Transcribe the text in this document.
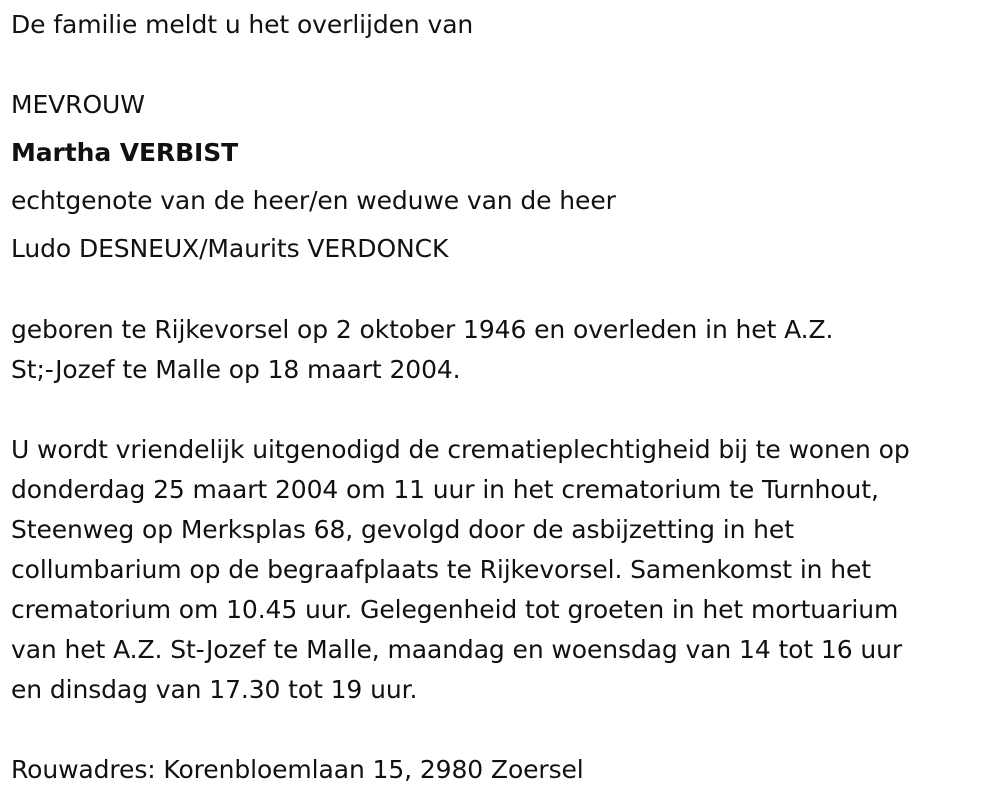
De familie meldt u het overlijden van
MEVROUW
Martha VERBIST
echtgenote van de heer/en weduwe van de heer
Ludo DESNEUX/Maurits VERDONCK
geboren te Rijkevorsel op 2 oktober 1946 en overleden in het A.Z.
St;-Jozef te Malle op 18 maart 2004.
U wordt vriendelijk uitgenodigd de crematieplechtigheid bij te wonen op
donderdag 25 maart 2004 om 11 uur in het crematorium te Turnhout,
Steenweg op Merksplas 68, gevolgd door de asbijzetting in het
collumbarium op de begraafplaats te Rijkevorsel. Samenkomst in het
crematorium om 10.45 uur. Gelegenheid tot groeten in het mortuarium
van het A.Z. St-Jozef te Malle, maandag en woensdag van 14 tot 16 uur
en dinsdag van 17.30 tot 19 uur.
Rouwadres: Korenbloemlaan 15, 2980 Zoersel
